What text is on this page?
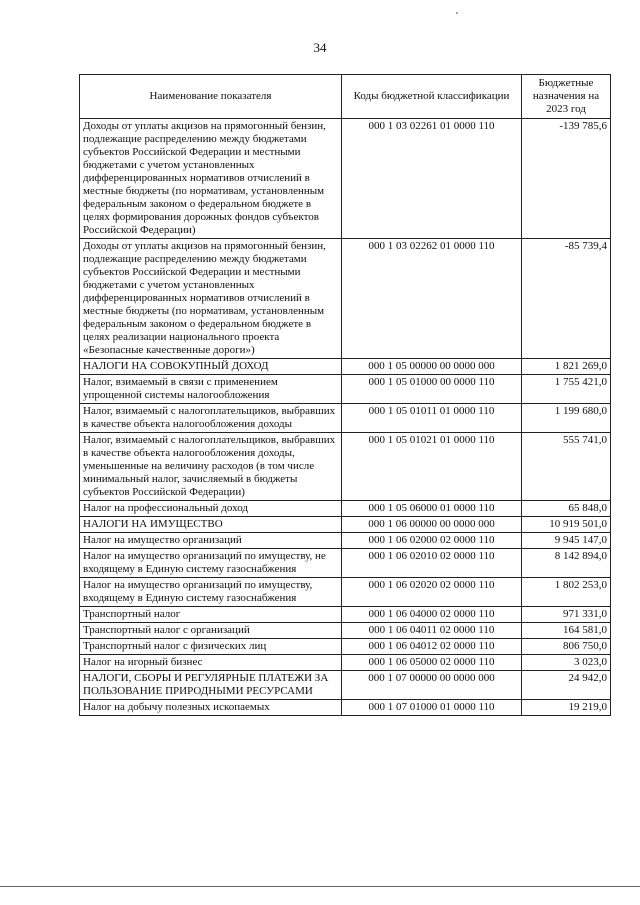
34
Наименование показателя	Коды бюджетной классификации	Бюджетные назначения на 2023 год
Доходы от уплаты акцизов на прямогонный бензин, подлежащие распределению между бюджетами субъектов Российской Федерации и местными бюджетами с учетом установленных дифференцированных нормативов отчислений в местные бюджеты (по нормативам, установленным федеральным законом о федеральном бюджете в целях формирования дорожных фондов субъектов Российской Федерации)	000 1 03 02261 01 0000 110	-139 785,6
Доходы от уплаты акцизов на прямогонный бензин, подлежащие распределению между бюджетами субъектов Российской Федерации и местными бюджетами с учетом установленных дифференцированных нормативов отчислений в местные бюджеты (по нормативам, установленным федеральным законом о федеральном бюджете в целях реализации национального проекта «Безопасные качественные дороги»)	000 1 03 02262 01 0000 110	-85 739,4
НАЛОГИ НА СОВОКУПНЫЙ ДОХОД	000 1 05 00000 00 0000 000	1 821 269,0
Налог, взимаемый в связи с применением упрощенной системы налогообложения	000 1 05 01000 00 0000 110	1 755 421,0
Налог, взимаемый с налогоплательщиков, выбравших в качестве объекта налогообложения доходы	000 1 05 01011 01 0000 110	1 199 680,0
Налог, взимаемый с налогоплательщиков, выбравших в качестве объекта налогообложения доходы, уменьшенные на величину расходов (в том числе минимальный налог, зачисляемый в бюджеты субъектов Российской Федерации)	000 1 05 01021 01 0000 110	555 741,0
Налог на профессиональный доход	000 1 05 06000 01 0000 110	65 848,0
НАЛОГИ НА ИМУЩЕСТВО	000 1 06 00000 00 0000 000	10 919 501,0
Налог на имущество организаций	000 1 06 02000 02 0000 110	9 945 147,0
Налог на имущество организаций по имуществу, не входящему в Единую систему газоснабжения	000 1 06 02010 02 0000 110	8 142 894,0
Налог на имущество организаций по имуществу, входящему в Единую систему газоснабжения	000 1 06 02020 02 0000 110	1 802 253,0
Транспортный налог	000 1 06 04000 02 0000 110	971 331,0
Транспортный налог с организаций	000 1 06 04011 02 0000 110	164 581,0
Транспортный налог с физических лиц	000 1 06 04012 02 0000 110	806 750,0
Налог на игорный бизнес	000 1 06 05000 02 0000 110	3 023,0
НАЛОГИ, СБОРЫ И РЕГУЛЯРНЫЕ ПЛАТЕЖИ ЗА ПОЛЬЗОВАНИЕ ПРИРОДНЫМИ РЕСУРСАМИ	000 1 07 00000 00 0000 000	24 942,0
Налог на добычу полезных ископаемых	000 1 07 01000 01 0000 110	19 219,0
